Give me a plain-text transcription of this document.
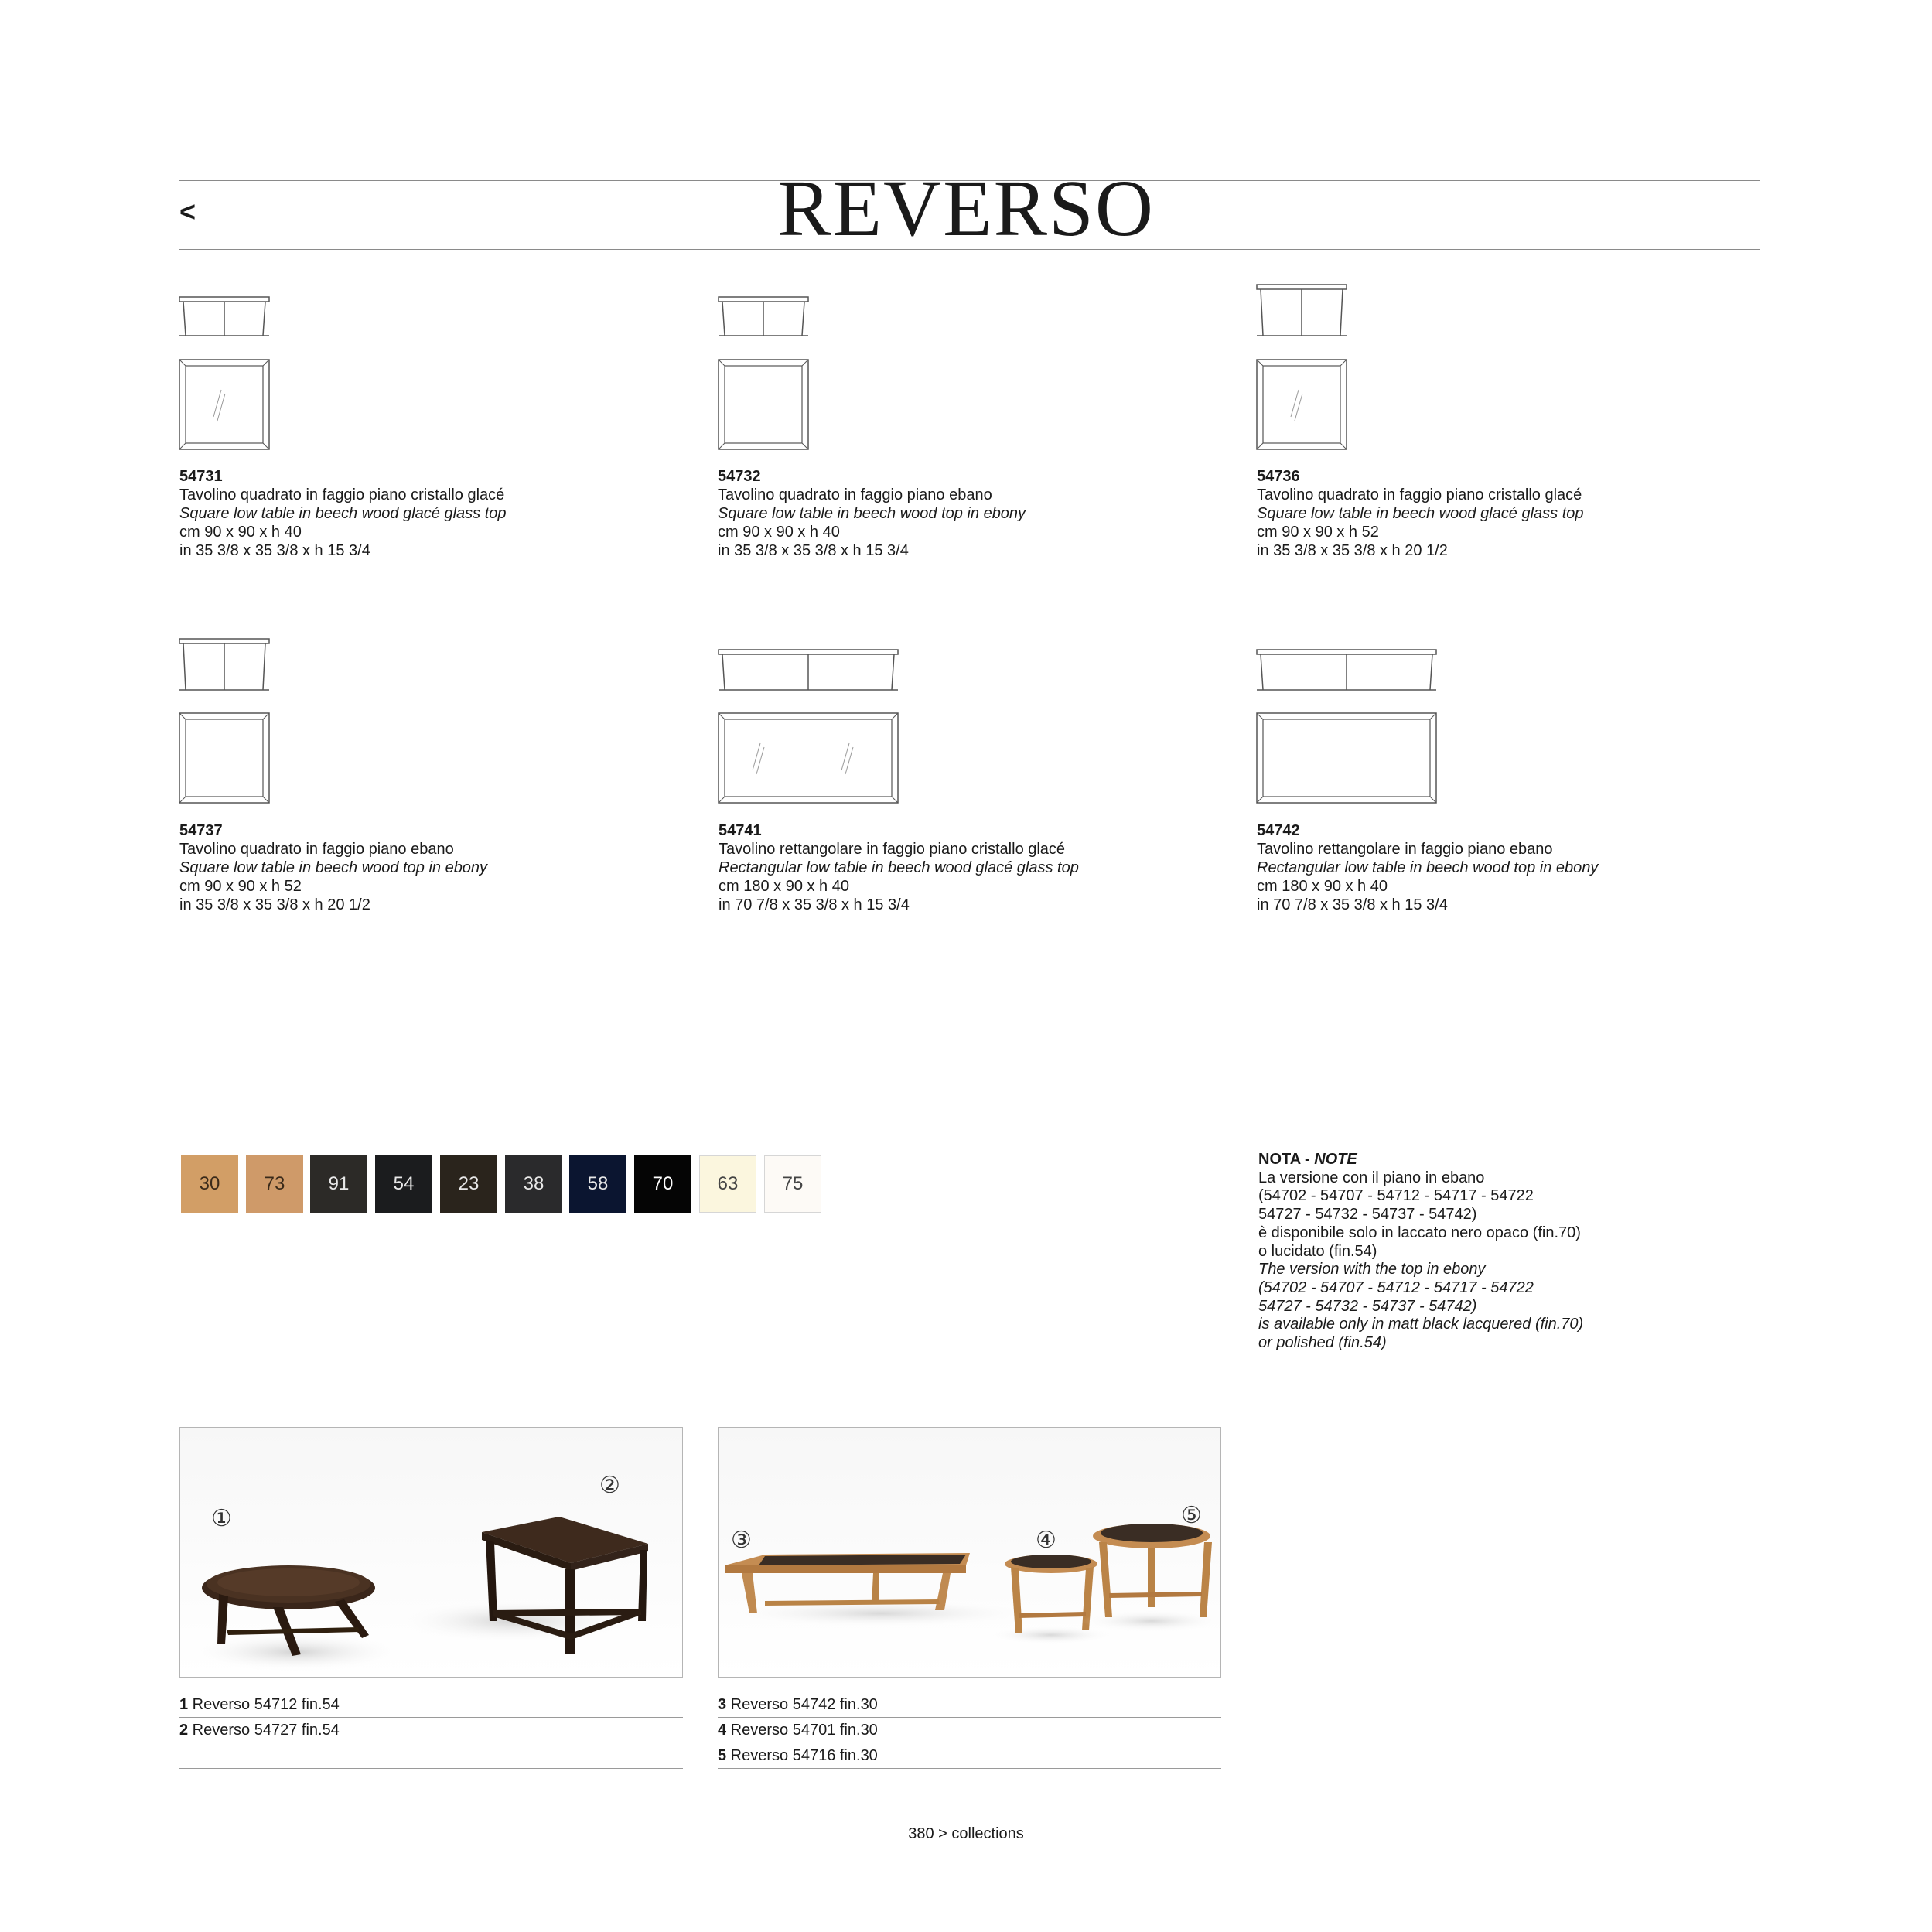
<	REVERSO
54731
Tavolino quadrato in faggio piano cristallo glacé
Square low table in beech wood glacé glass top
cm 90 x 90 x h 40
in 35 3/8 x 35 3/8 x h 15 3/4
54732
Tavolino quadrato in faggio piano ebano
Square low table in beech wood top in ebony
cm 90 x 90 x h 40
in 35 3/8 x 35 3/8 x h 15 3/4
54736
Tavolino quadrato in faggio piano cristallo glacé
Square low table in beech wood glacé glass top
cm 90 x 90 x h 52
in 35 3/8 x 35 3/8 x h 20 1/2
54737
Tavolino quadrato in faggio piano ebano
Square low table in beech wood top in ebony
cm 90 x 90 x h 52
in 35 3/8 x 35 3/8 x h 20 1/2
54741
Tavolino rettangolare in faggio piano cristallo glacé
Rectangular low table in beech wood glacé glass top
cm 180 x 90 x h 40
in 70 7/8 x 35 3/8 x h 15 3/4
54742
Tavolino rettangolare in faggio piano ebano
Rectangular low table in beech wood top in ebony
cm 180 x 90 x h 40
in 70 7/8 x 35 3/8 x h 15 3/4
30 73 91 54 23 38 58 70 63 75
NOTA - NOTE
La versione con il piano in ebano
(54702 - 54707 - 54712 - 54717 - 54722
54727 - 54732 - 54737 - 54742)
è disponibile solo in laccato nero opaco (fin.70)
o lucidato (fin.54)
The version with the top in ebony
(54702 - 54707 - 54712 - 54717 - 54722
54727 - 54732 - 54737 - 54742)
is available only in matt black lacquered (fin.70)
or polished (fin.54)
①
②
③	④
⑤
1 Reverso 54712 fin.54
2 Reverso 54727 fin.54
3 Reverso 54742 fin.30
4 Reverso 54701 fin.30
5 Reverso 54716 fin.30
380 > collections
